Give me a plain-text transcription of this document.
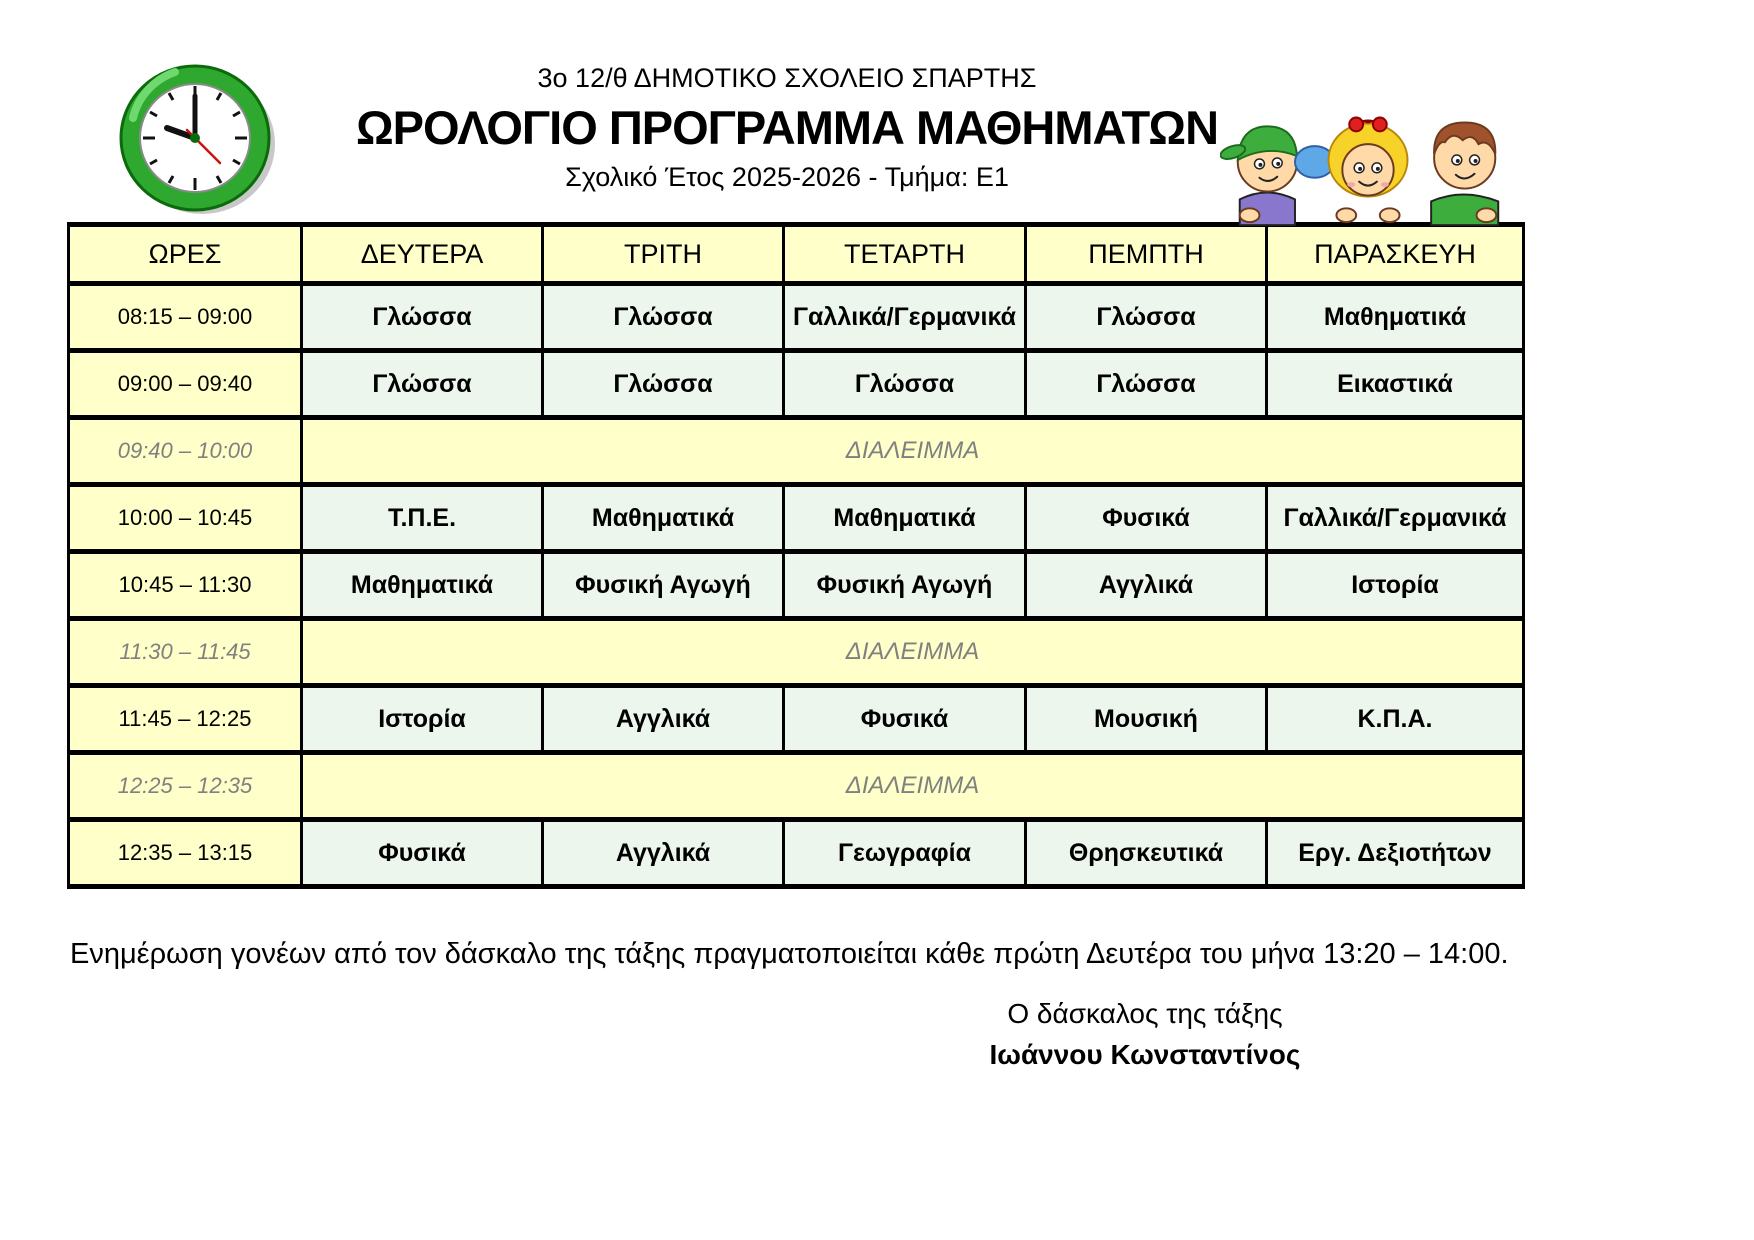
3ο 12/θ ΔΗΜΟΤΙΚΟ ΣΧΟΛΕΙΟ ΣΠΑΡΤΗΣ
ΩΡΟΛΟΓΙΟ ΠΡΟΓΡΑΜΜΑ ΜΑΘΗΜΑΤΩΝ
Σχολικό Έτος 2025-2026 - Τμήμα: Ε1
ΩΡΕΣ	ΔΕΥΤΕΡΑ	ΤΡΙΤΗ	ΤΕΤΑΡΤΗ	ΠΕΜΠΤΗ	ΠΑΡΑΣΚΕΥΗ
08:15 – 09:00	Γλώσσα	Γλώσσα	Γαλλικά/Γερμανικά	Γλώσσα	Μαθηματικά
09:00 – 09:40	Γλώσσα	Γλώσσα	Γλώσσα	Γλώσσα	Εικαστικά
09:40 – 10:00	ΔΙΑΛΕΙΜΜΑ				
10:00 – 10:45	Τ.Π.Ε.	Μαθηματικά	Μαθηματικά	Φυσικά	Γαλλικά/Γερμανικά
10:45 – 11:30	Μαθηματικά	Φυσική Αγωγή	Φυσική Αγωγή	Αγγλικά	Ιστορία
11:30 – 11:45	ΔΙΑΛΕΙΜΜΑ				
11:45 – 12:25	Ιστορία	Αγγλικά	Φυσικά	Μουσική	Κ.Π.Α.
12:25 – 12:35	ΔΙΑΛΕΙΜΜΑ				
12:35 – 13:15	Φυσικά	Αγγλικά	Γεωγραφία	Θρησκευτικά	Εργ. Δεξιοτήτων
Ενημέρωση γονέων από τον δάσκαλο της τάξης πραγματοποιείται κάθε πρώτη Δευτέρα του μήνα 13:20 – 14:00.
Ο δάσκαλος της τάξης
Ιωάννου Κωνσταντίνος
